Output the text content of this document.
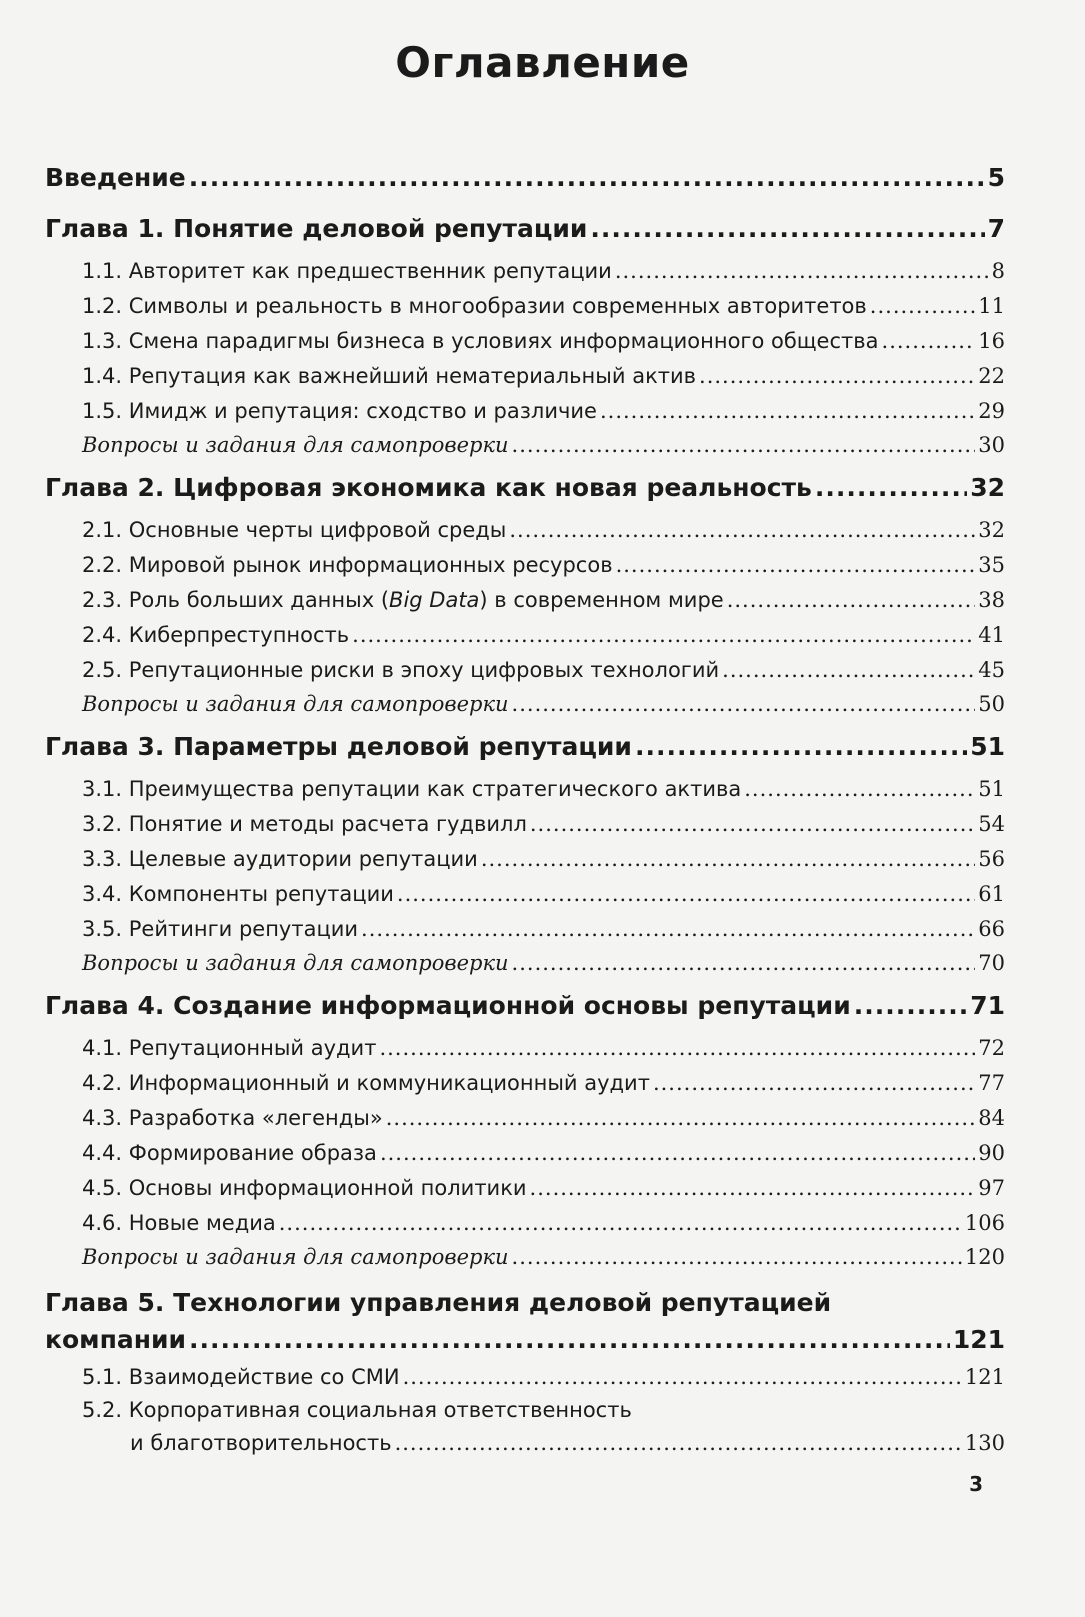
Оглавление
Введение .....	5
Глава 1. Понятие деловой репутации .....	7
1.1. Авторитет как предшественник репутации .....	8
1.2. Символы и реальность в многообразии современных авторитетов .....	11
1.3. Смена парадигмы бизнеса в условиях информационного общества .....	16
1.4. Репутация как важнейший нематериальный актив .....	22
1.5. Имидж и репутация: сходство и различие .....	29
Вопросы и задания для самопроверки .....	30
Глава 2. Цифровая экономика как новая реальность .....	32
2.1. Основные черты цифровой среды .....	32
2.2. Мировой рынок информационных ресурсов .....	35
2.3. Роль больших данных (Big Data) в современном мире .....	38
2.4. Киберпреступность .....	41
2.5. Репутационные риски в эпоху цифровых технологий .....	45
Вопросы и задания для самопроверки .....	50
Глава 3. Параметры деловой репутации .....	51
3.1. Преимущества репутации как стратегического актива .....	51
3.2. Понятие и методы расчета гудвилл .....	54
3.3. Целевые аудитории репутации .....	56
3.4. Компоненты репутации .....	61
3.5. Рейтинги репутации .....	66
Вопросы и задания для самопроверки .....	70
Глава 4. Создание информационной основы репутации .....	71
4.1. Репутационный аудит .....	72
4.2. Информационный и коммуникационный аудит .....	77
4.3. Разработка «легенды» .....	84
4.4. Формирование образа .....	90
4.5. Основы информационной политики .....	97
4.6. Новые медиа .....	106
Вопросы и задания для самопроверки .....	120
Глава 5. Технологии управления деловой репутацией
компании .....	121
5.1. Взаимодействие со СМИ .....	121
5.2. Корпоративная социальная ответственность
и благотворительность .....	130
3
